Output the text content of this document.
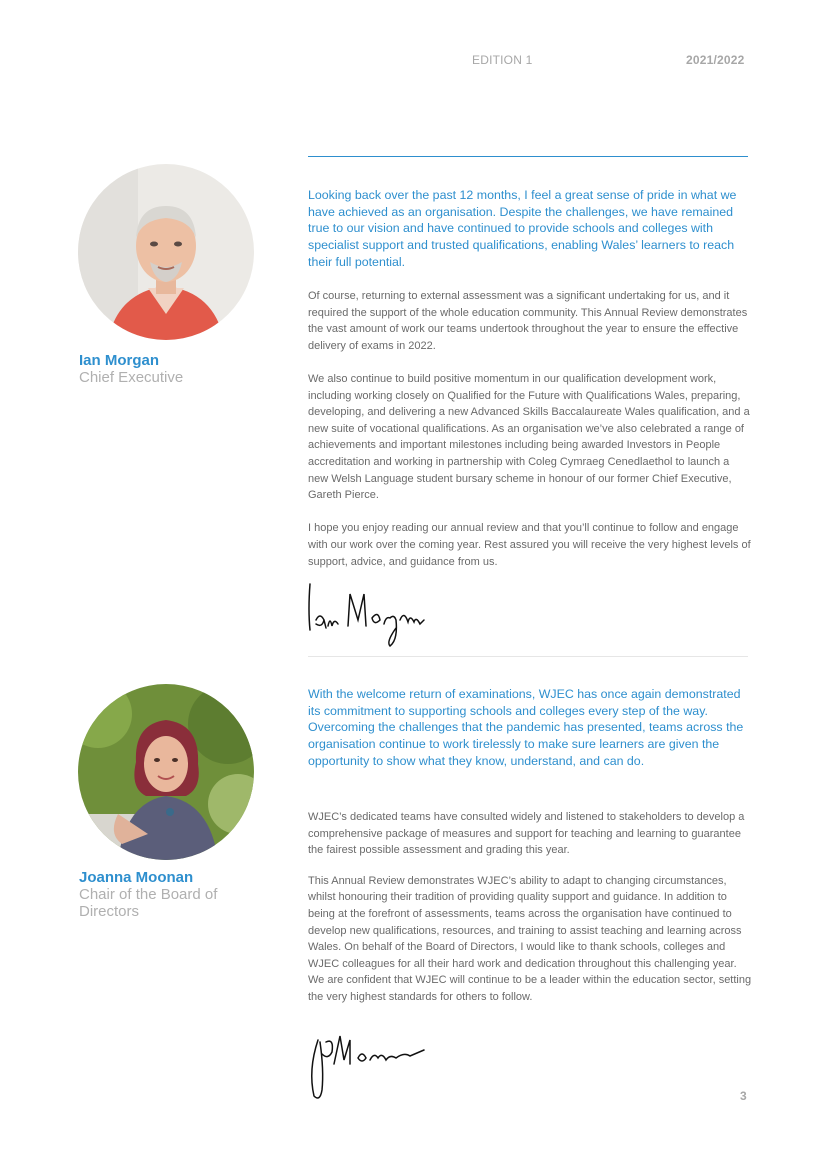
EDITION 1	2021/2022
Ian Morgan
Chief Executive

Looking back over the past 12 months, I feel a great sense of pride in what we have achieved as an organisation. Despite the challenges, we have remained true to our vision and have continued to provide schools and colleges with specialist support and trusted qualifications, enabling Wales’ learners to reach their full potential.

Of course, returning to external assessment was a significant undertaking for us, and it required the support of the whole education community. This Annual Review demonstrates the vast amount of work our teams undertook throughout the year to ensure the effective delivery of exams in 2022.

We also continue to build positive momentum in our qualification development work, including working closely on Qualified for the Future with Qualifications Wales, preparing, developing, and delivering a new Advanced Skills Baccalaureate Wales qualification, and a new suite of vocational qualifications. As an organisation we’ve also celebrated a range of achievements and important milestones including being awarded Investors in People accreditation and working in partnership with Coleg Cymraeg Cenedlaethol to launch a new Welsh Language student bursary scheme in honour of our former Chief Executive, Gareth Pierce.

I hope you enjoy reading our annual review and that you’ll continue to follow and engage with our work over the coming year. Rest assured you will receive the very highest levels of support, advice, and guidance from us.

Joanna Moonan
Chair of the Board of Directors

With the welcome return of examinations, WJEC has once again demonstrated its commitment to supporting schools and colleges every step of the way. Overcoming the challenges that the pandemic has presented, teams across the organisation continue to work tirelessly to make sure learners are given the opportunity to show what they know, understand, and can do.

WJEC’s dedicated teams have consulted widely and listened to stakeholders to develop a comprehensive package of measures and support for teaching and learning to guarantee the fairest possible assessment and grading this year.

This Annual Review demonstrates WJEC’s ability to adapt to changing circumstances, whilst honouring their tradition of providing quality support and guidance. In addition to being at the forefront of assessments, teams across the organisation have continued to develop new qualifications, resources, and training to assist teaching and learning across Wales. On behalf of the Board of Directors, I would like to thank schools, colleges and WJEC colleagues for all their hard work and dedication throughout this challenging year. We are confident that WJEC will continue to be a leader within the education sector, setting the very highest standards for others to follow.

3
